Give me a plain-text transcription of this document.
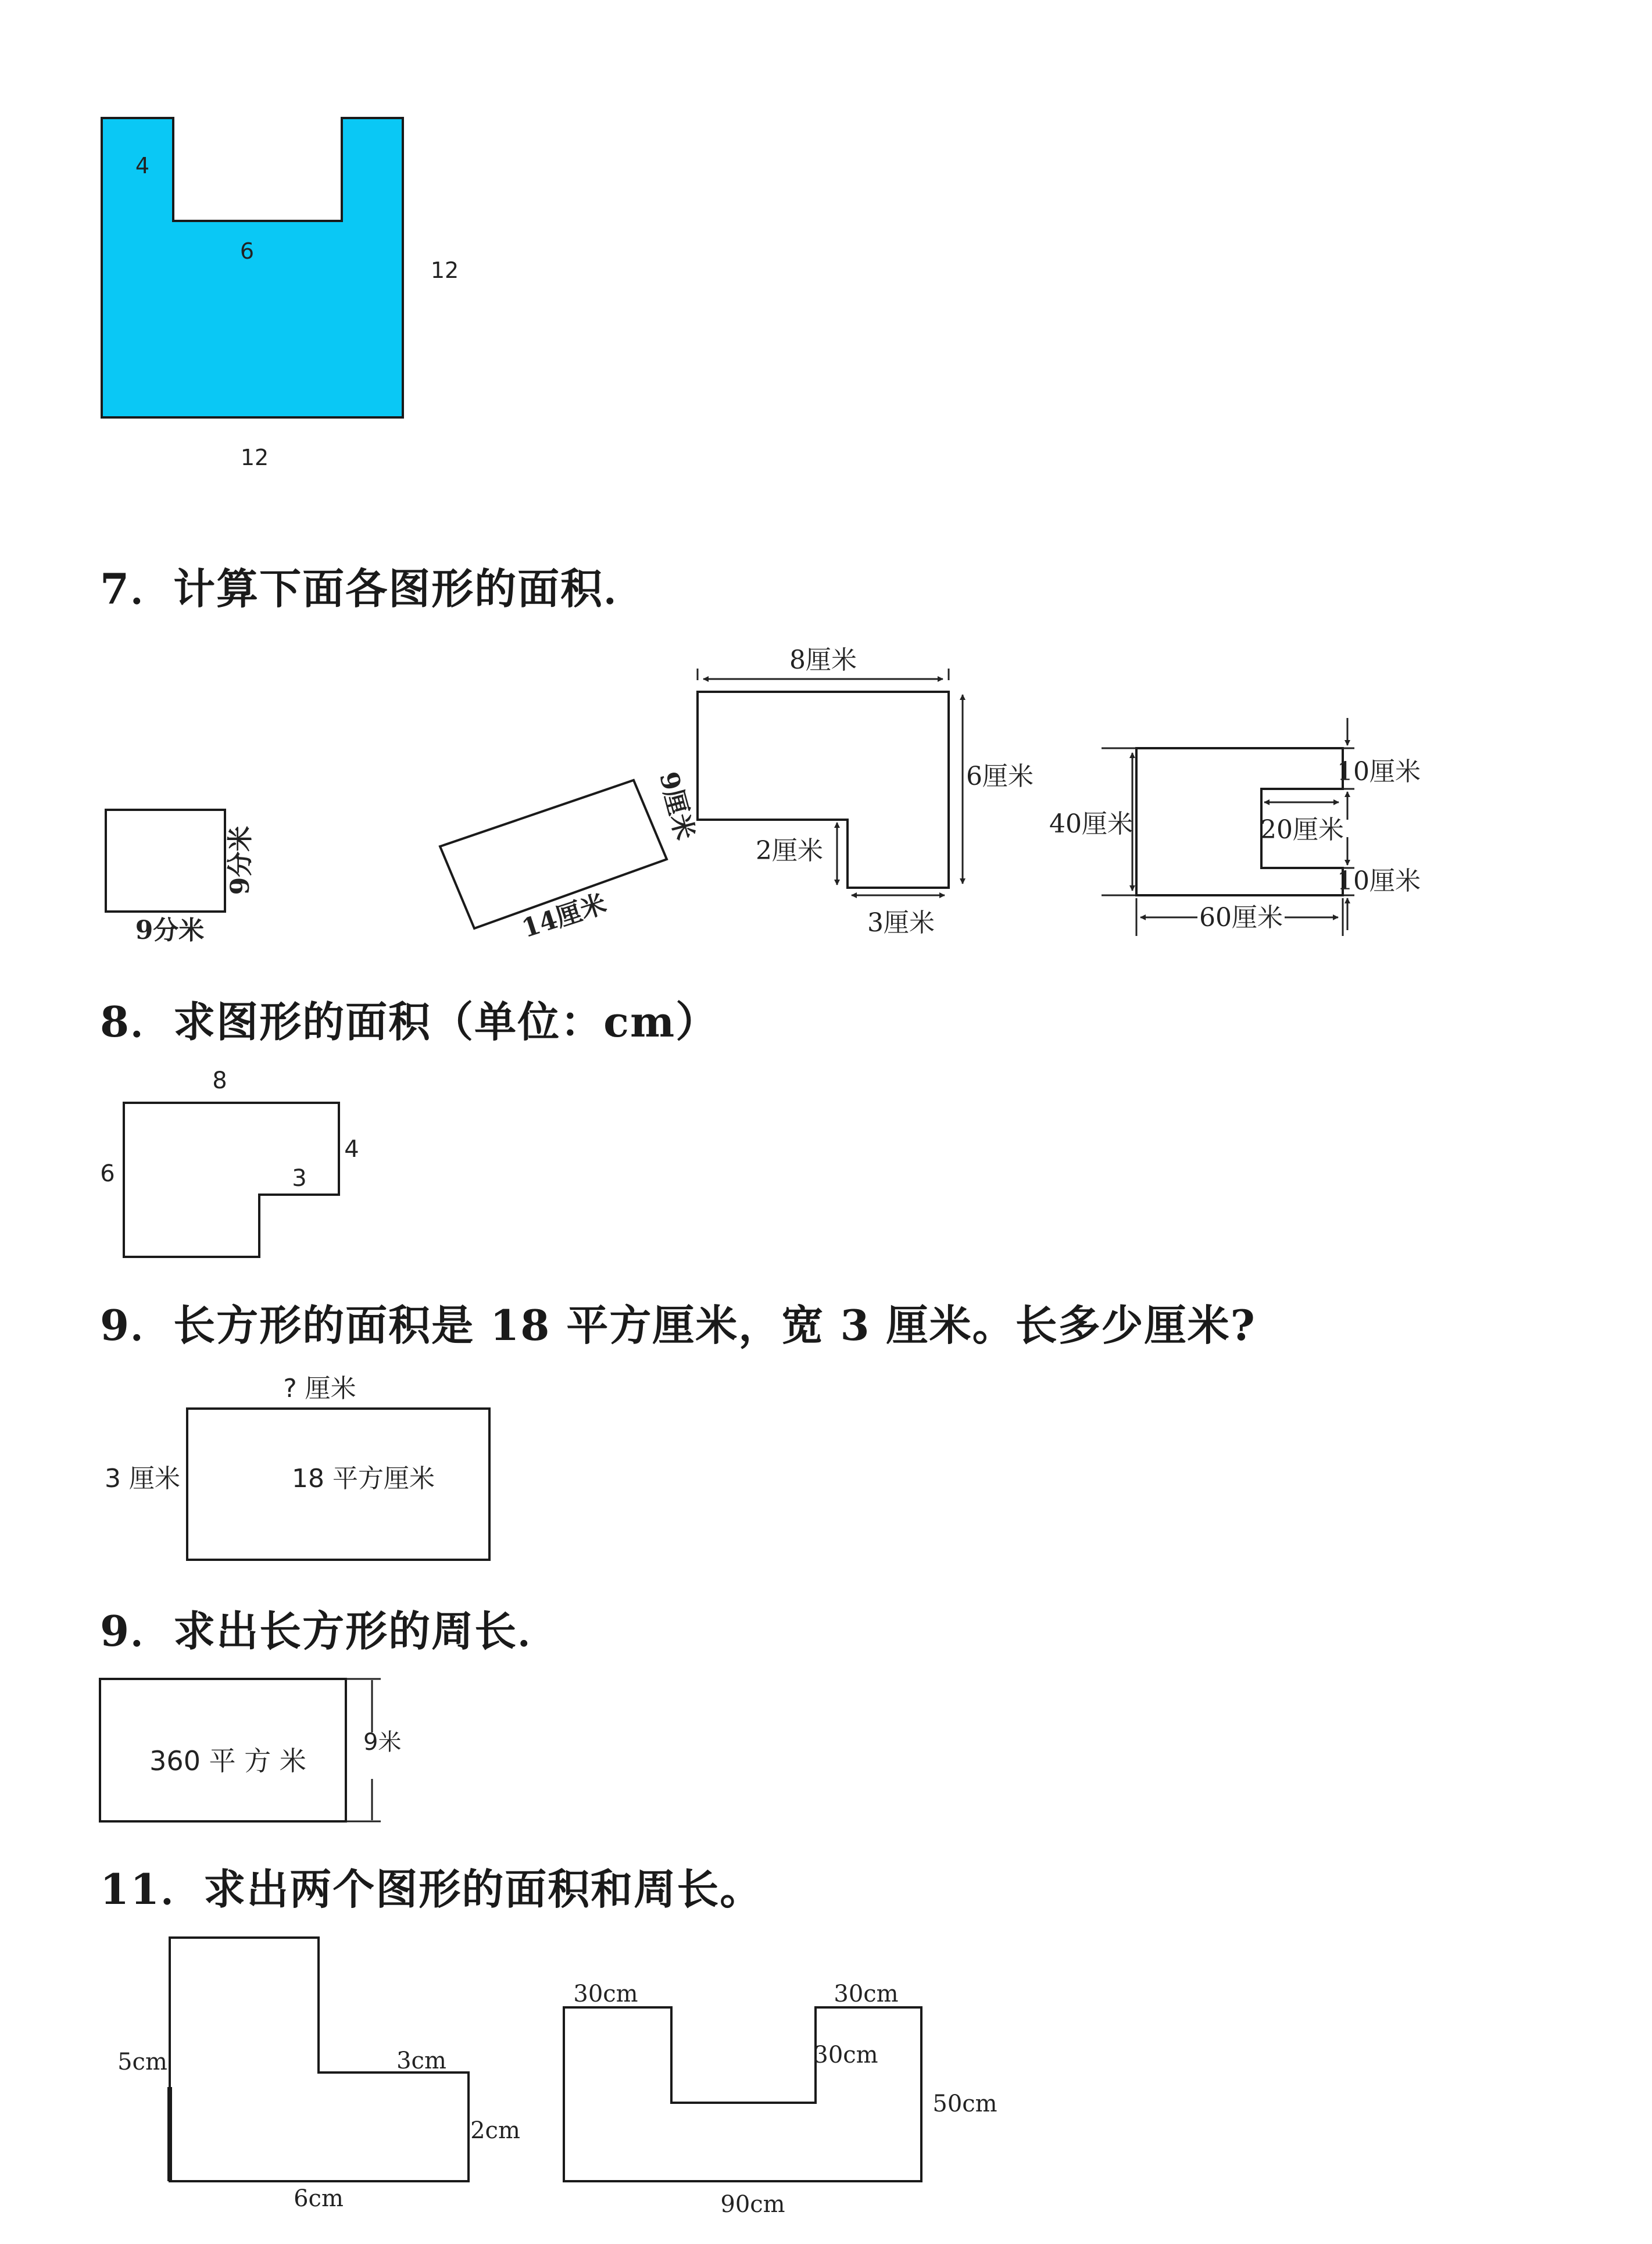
7．计算下面各图形的面积．
8．求图形的面积（单位：cm）
9．长方形的面积是 18 平方厘米，宽 3 厘米。长多少厘米?
9．求出长方形的周长．
11．求出两个图形的面积和周长。
4
6
12
12
9分米
9分米
9厘米
14厘米
8厘米
6厘米
2厘米
3厘米
40厘米
10厘米
20厘米
10厘米
60厘米
8
6
4
3
? 厘米
3 厘米	18 平方厘米
360 平 方 米
9米
5cm	3cm
2cm
6cm
30cm	30cm
30cm
50cm
90cm
